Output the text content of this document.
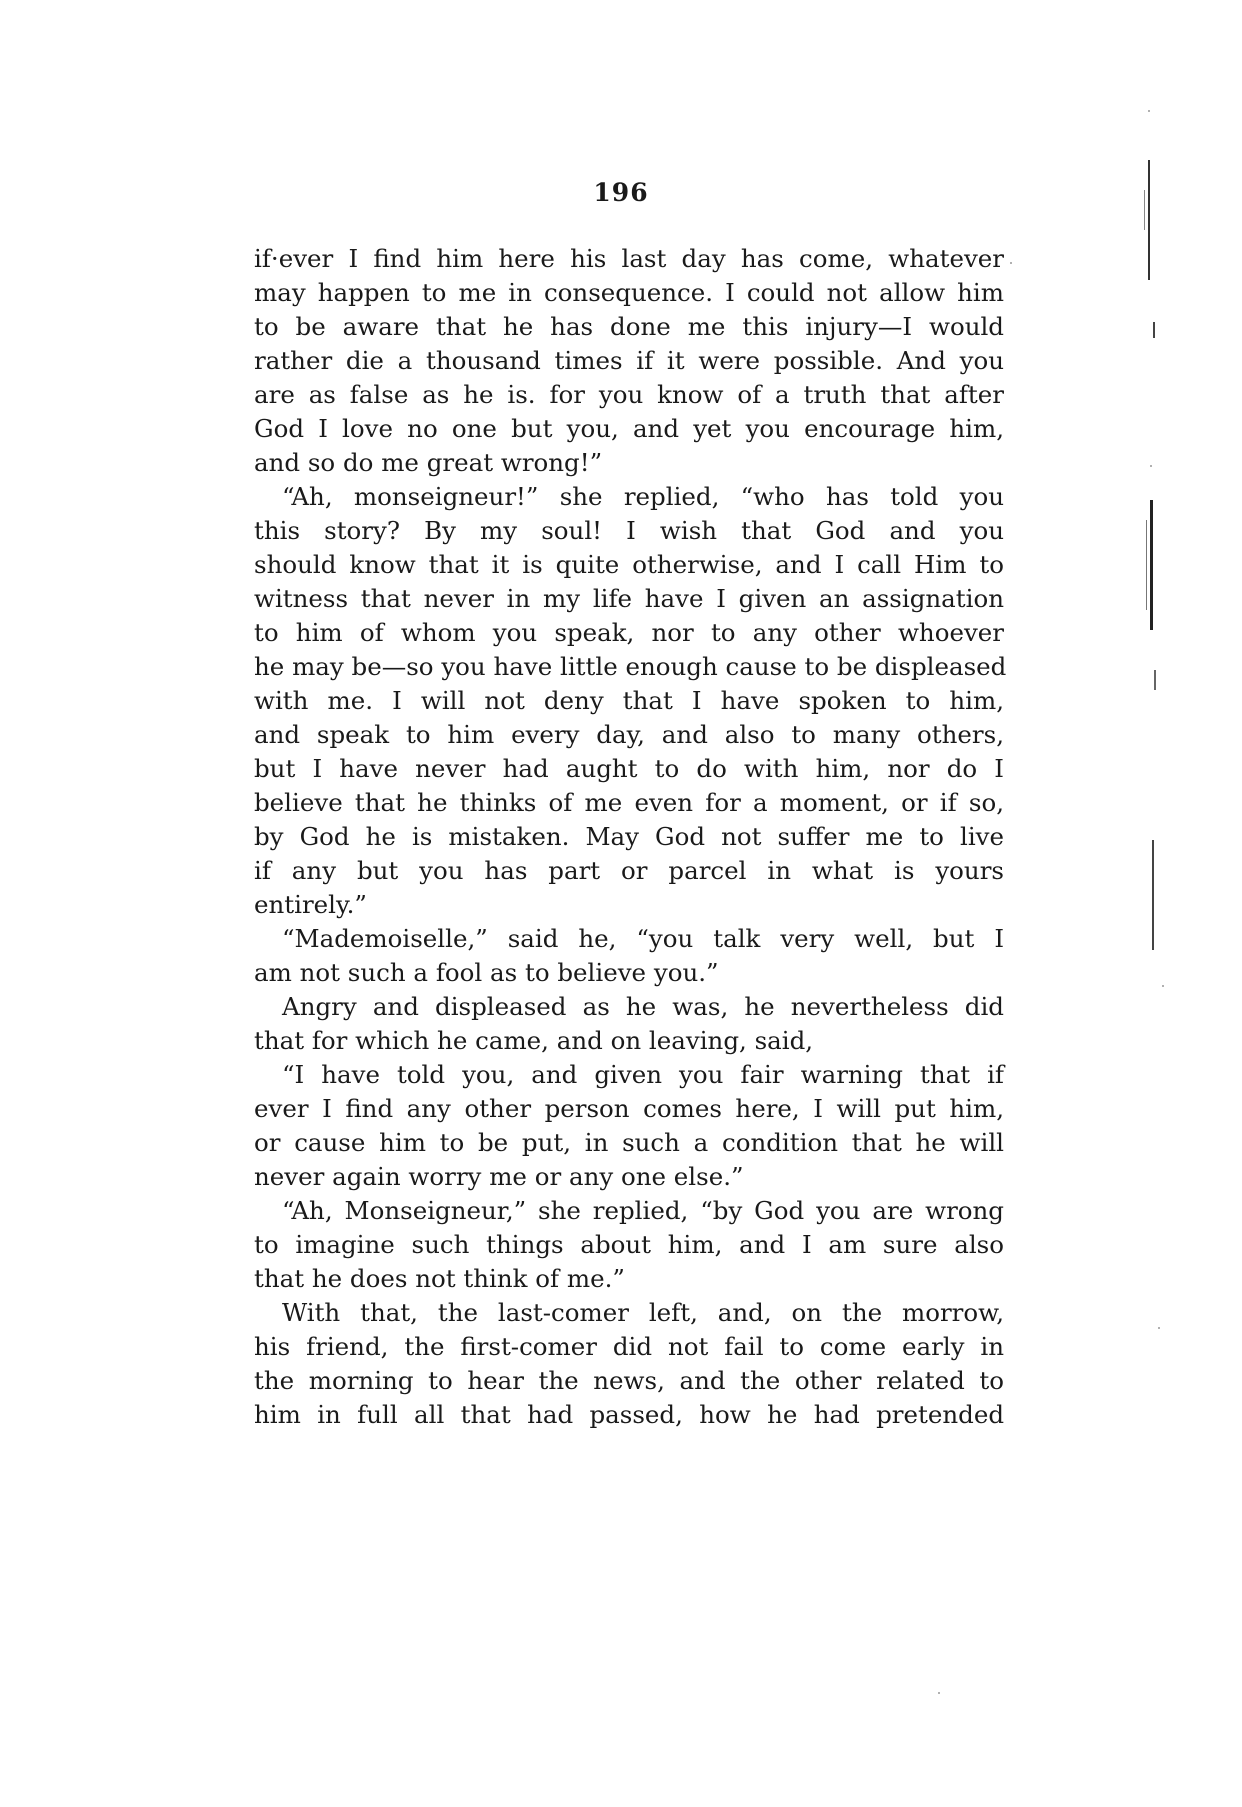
196
if·ever I find him here his last day has come, whatever
may happen to me in consequence. I could not allow him
to be aware that he has done me this injury—I would
rather die a thousand times if it were possible. And you
are as false as he is. for you know of a truth that after
God I love no one but you, and yet you encourage him,
and so do me great wrong!”
“Ah, monseigneur!” she replied, “who has told you
this story? By my soul! I wish that God and you
should know that it is quite otherwise, and I call Him to
witness that never in my life have I given an assignation
to him of whom you speak, nor to any other whoever
he may be—so you have little enough cause to be displeased
with me. I will not deny that I have spoken to him,
and speak to him every day, and also to many others,
but I have never had aught to do with him, nor do I
believe that he thinks of me even for a moment, or if so,
by God he is mistaken. May God not suffer me to live
if any but you has part or parcel in what is yours
entirely.”
“Mademoiselle,” said he, “you talk very well, but I
am not such a fool as to believe you.”
Angry and displeased as he was, he nevertheless did
that for which he came, and on leaving, said,
“I have told you, and given you fair warning that if
ever I find any other person comes here, I will put him,
or cause him to be put, in such a condition that he will
never again worry me or any one else.”
“Ah, Monseigneur,” she replied, “by God you are wrong
to imagine such things about him, and I am sure also
that he does not think of me.”
With that, the last-comer left, and, on the morrow,
his friend, the first-comer did not fail to come early in
the morning to hear the news, and the other related to
him in full all that had passed, how he had pretended
